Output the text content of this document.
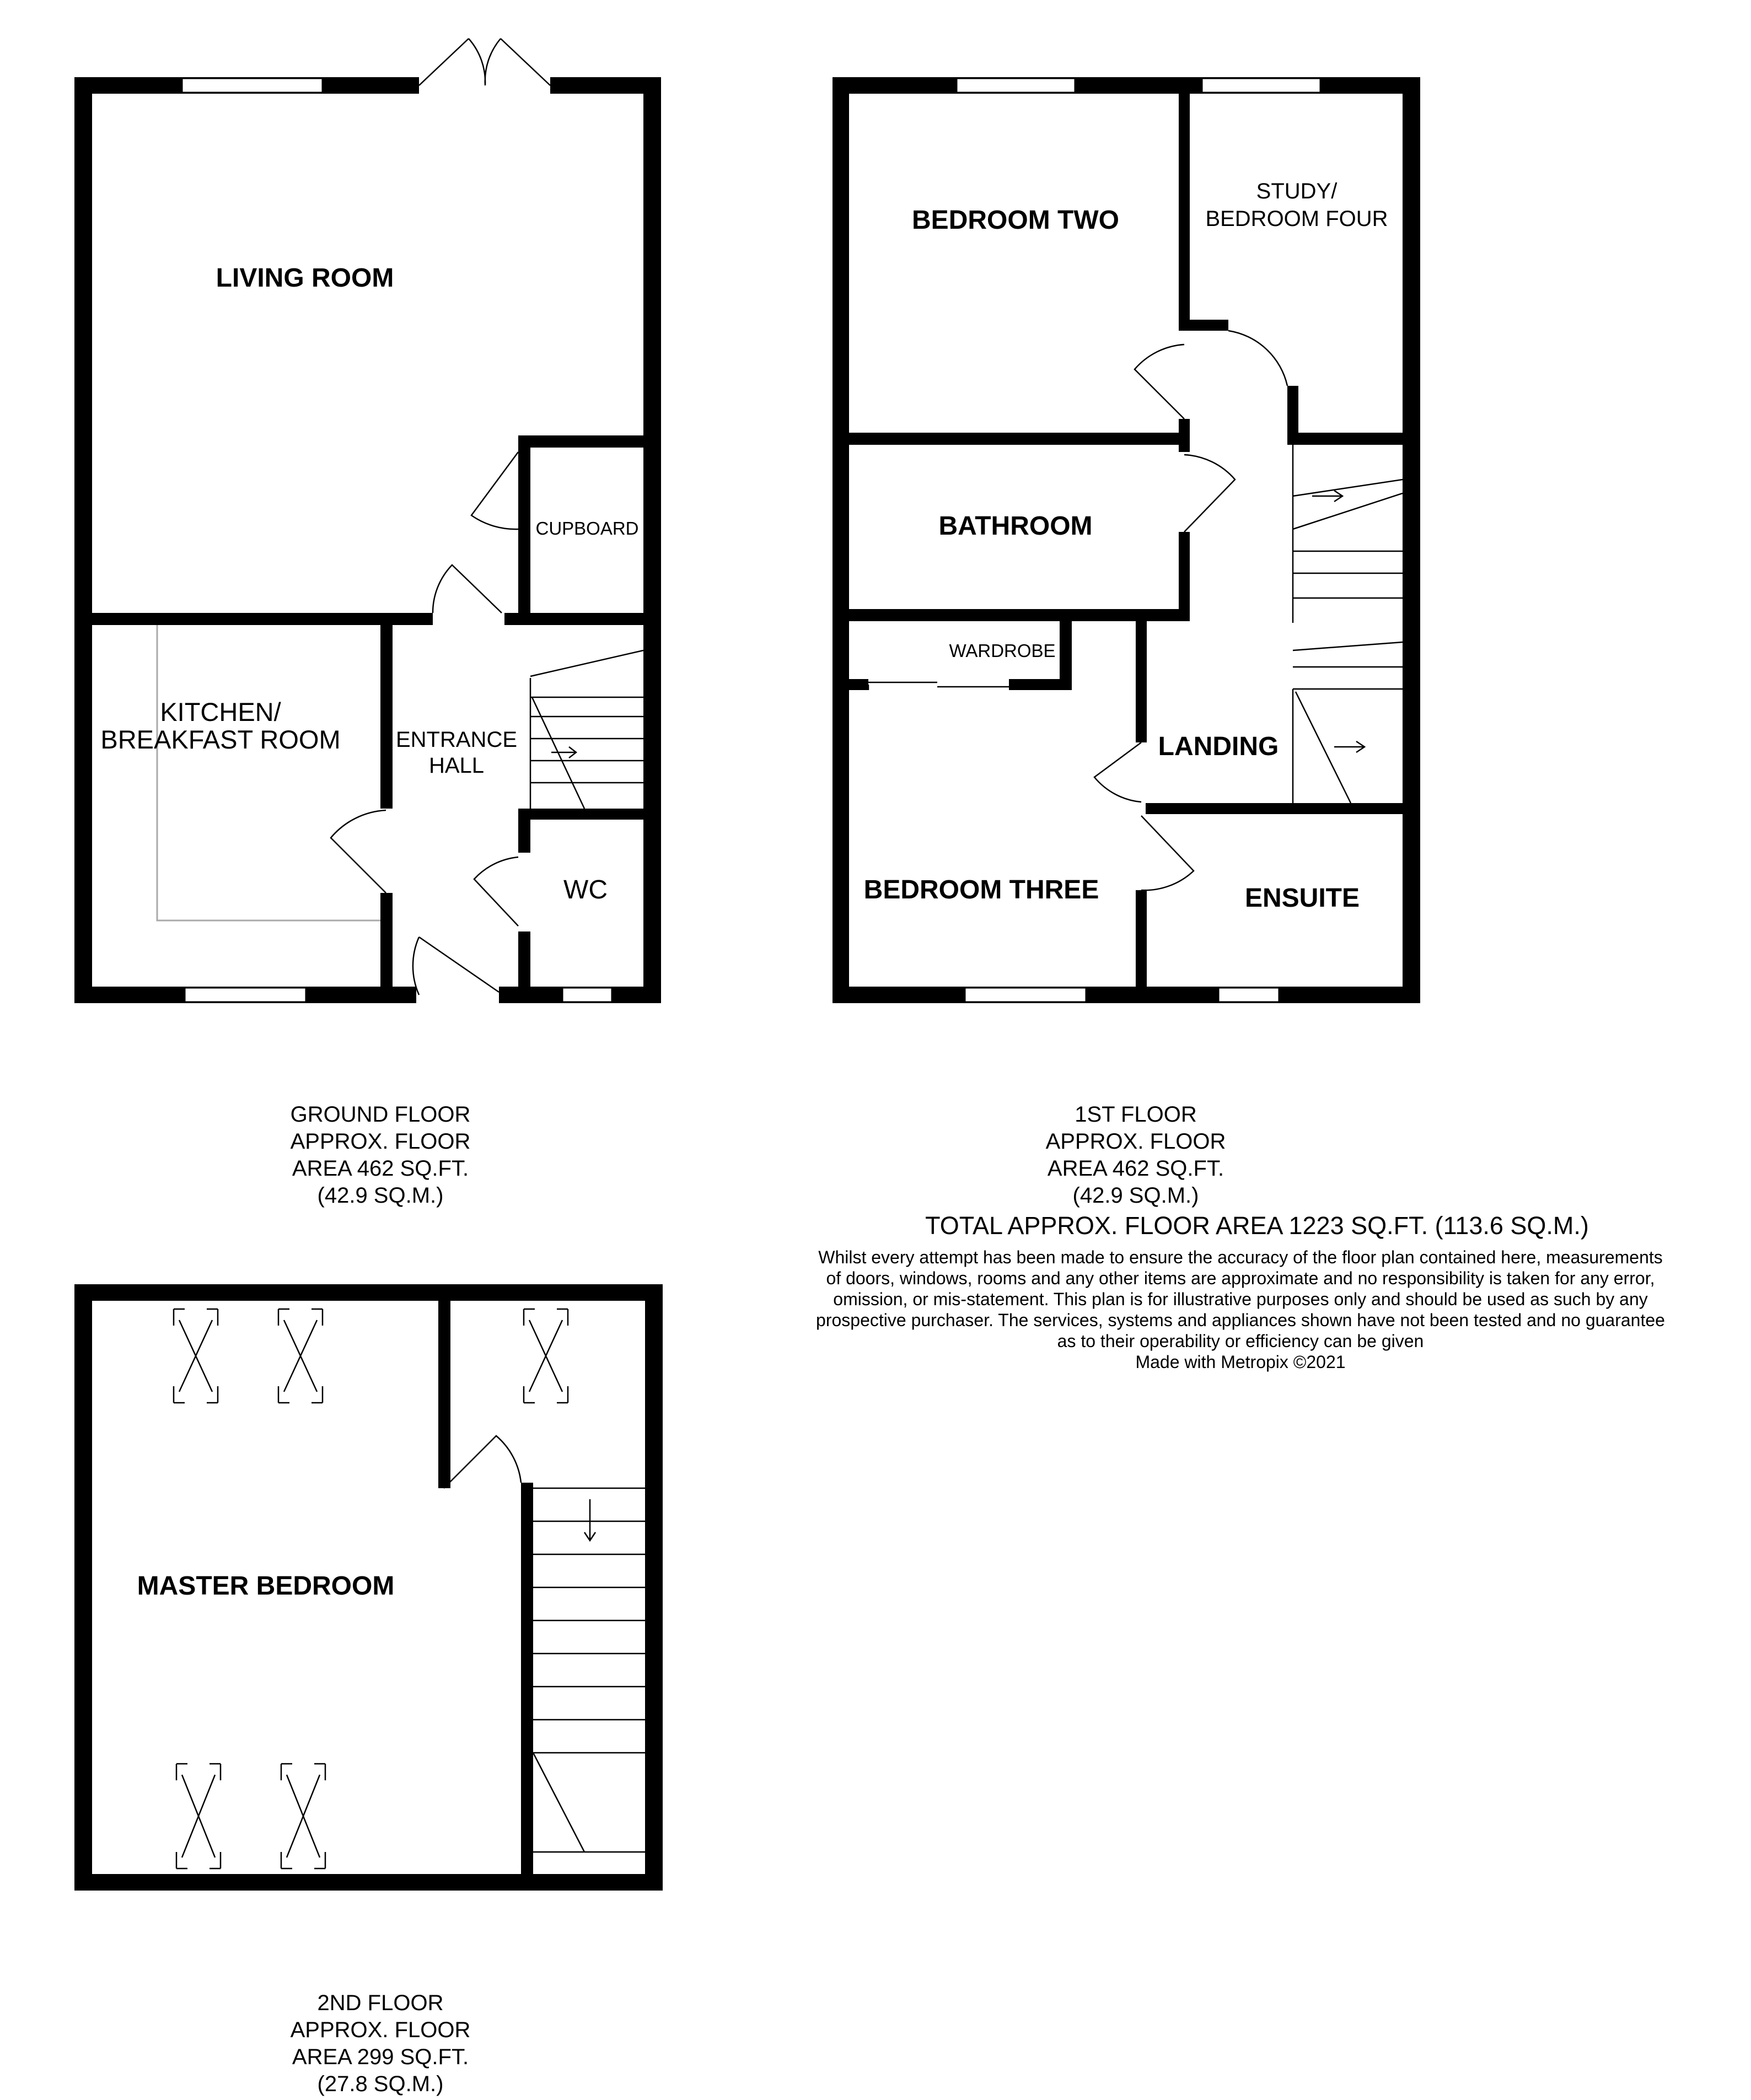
LIVING ROOM
KITCHEN/
BREAKFAST ROOM	ENTRANCE
HALL
CUPBOARD
WC
BEDROOM TWO
STUDY/
BEDROOM FOUR
BATHROOM
WARDROBE
LANDING
BEDROOM THREE	ENSUITE
MASTER BEDROOM
GROUND FLOOR
APPROX. FLOOR
AREA 462 SQ.FT.
(42.9 SQ.M.)
1ST FLOOR
APPROX. FLOOR
AREA 462 SQ.FT.
(42.9 SQ.M.)
TOTAL APPROX. FLOOR AREA 1223 SQ.FT. (113.6 SQ.M.)
Whilst every attempt has been made to ensure the accuracy of the floor plan contained here, measurements
of doors, windows, rooms and any other items are approximate and no responsibility is taken for any error,
omission, or mis-statement. This plan is for illustrative purposes only and should be used as such by any
prospective purchaser. The services, systems and appliances shown have not been tested and no guarantee
as to their operability or efficiency can be given
Made with Metropix ©2021
2ND FLOOR
APPROX. FLOOR
AREA 299 SQ.FT.
(27.8 SQ.M.)
